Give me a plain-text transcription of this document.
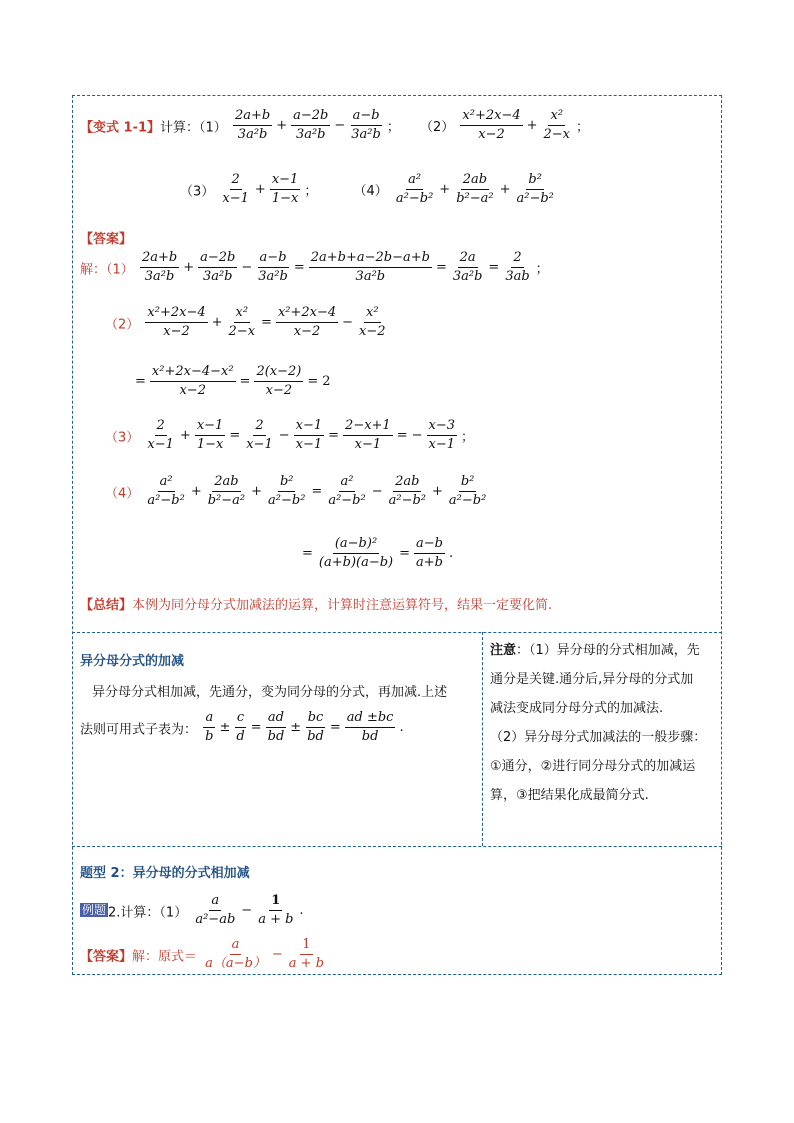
【变式 1-1】计算：$(1) \frac{2a+b}{\text{3a²b}} + \frac{a-2b}{\text{3a²b}} - \frac{a-b}{\text{3a²b}}$ ； $(2) \frac{\text{x²+2x−4}}{x-2} + \frac{\text{x²}}{2-x}$ ；
$(3) \frac{2}{x-1} + \frac{x-1}{1-x}$ ；	$(4) \frac{\text{a²}}{\text{a²−b²}} + \frac{2ab}{\text{b²−a²}} + \frac{\text{b²}}{\text{a²−b²}}$
【答案】
解：$(1) \frac{2a+b}{\text{3a²b}} + \frac{a-2b}{\text{3a²b}} - \frac{a-b}{\text{3a²b}} = \frac{2a+b+a-2b-a+b}{\text{3a²b}} = \frac{2a}{\text{3a²b}} = \frac{2}{3ab}$ ；
$(2) \frac{\text{x²+2x−4}}{x-2} + \frac{\text{x²}}{2-x} = \frac{\text{x²+2x−4}}{x-2} - \frac{\text{x²}}{x-2}$
= $\frac{\text{x²+2x−4−x²}}{x-2} = \frac{2(x-2)}{x-2} = 2$
$(3) \frac{2}{x-1} + \frac{x-1}{1-x} = \frac{2}{x-1} - \frac{x-1}{x-1} = \frac{2-x+1}{x-1}$ = − $\frac{x-3}{x-1}$ ；
$(4) \frac{\text{a²}}{\text{a²−b²}} + \frac{2ab}{\text{b²−a²}} + \frac{\text{b²}}{\text{a²−b²}} = \frac{\text{a²}}{\text{a²−b²}} - \frac{2ab}{\text{a²−b²}} + \frac{\text{b²}}{\text{a²−b²}}$
= $\frac{\text{(a−b)²}}{(a+b)(a-b)} = \frac{a-b}{a+b}$ .
【总结】本例为同分母分式加减法的运算，计算时注意运算符号，结果一定要化简.
异分母分式的加减
异分母分式相加减，先通分，变为同分母的分式，再加减.上述
法则可用式子表为： $\frac{a}{b} \pm \frac{c}{d} = \frac{ad}{bd} \pm \frac{bc}{bd} = \frac{ad \pm bc}{bd}$ .
注意：（1）异分母的分式相加减，先
通分是关键.通分后,异分母的分式加
减法变成同分母分式的加减法.
（2）异分母分式加减法的一般步骤：
①通分，②进行同分母分式的加减运
算，③把结果化成最简分式.
题型 2：异分母的分式相加减
例题 2.计算：$(1) \frac{a}{\text{a²−ab}} - \frac{1}{a + b}$ .
【答案】解：原式＝ $\frac{a}{a(a-b)} - \frac{1}{a + b}$
